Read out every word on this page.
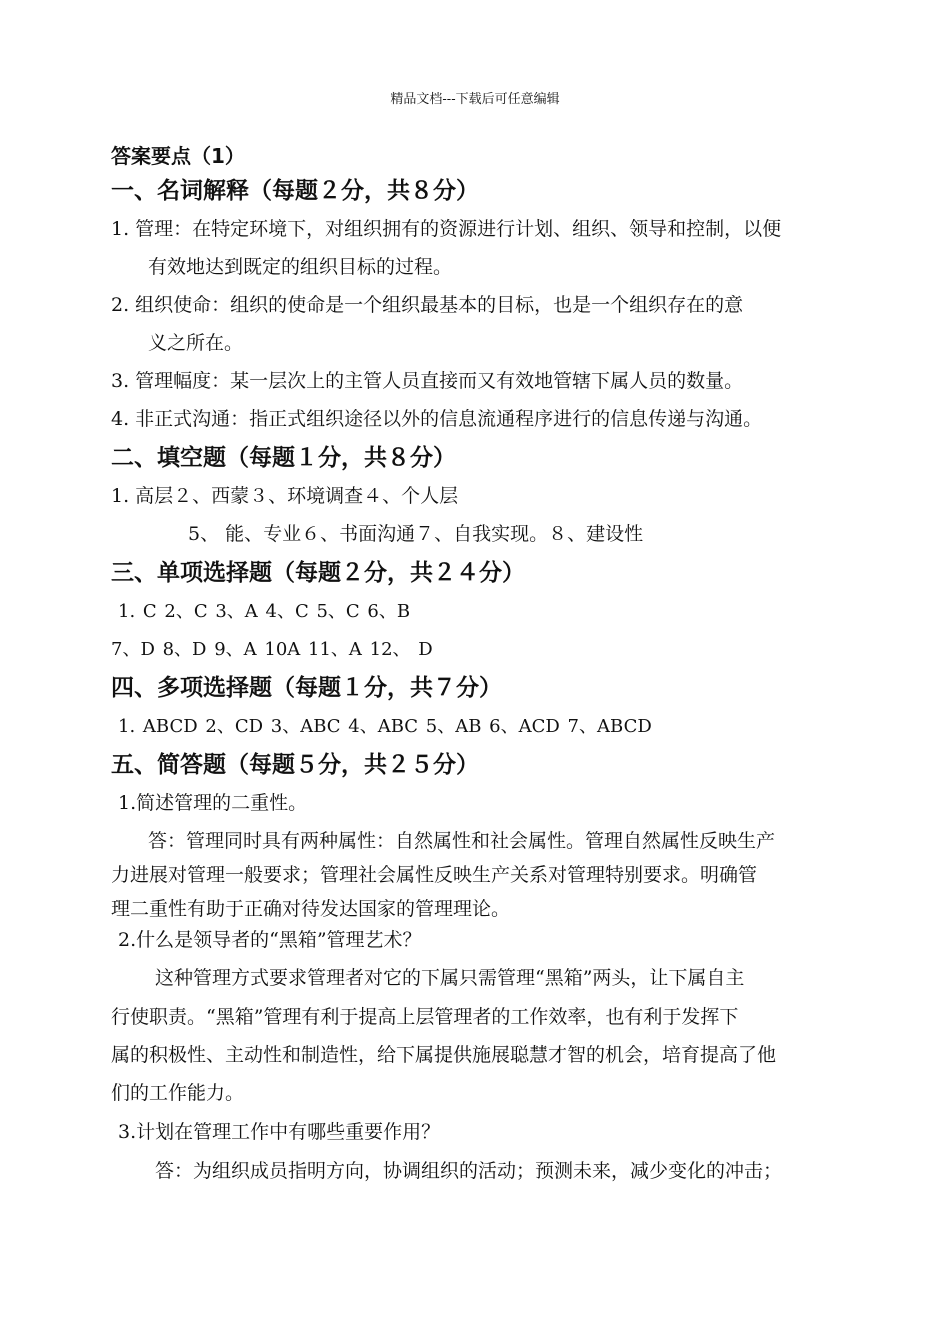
精品文档---下载后可任意编辑
答案要点（1）
一、名词解释（每题２分，共８分）
1. 管理：在特定环境下，对组织拥有的资源进行计划、组织、领导和控制，以便
有效地达到既定的组织目标的过程。
2. 组织使命：组织的使命是一个组织最基本的目标，也是一个组织存在的意
义之所在。
3. 管理幅度：某一层次上的主管人员直接而又有效地管辖下属人员的数量。
4. 非正式沟通：指正式组织途径以外的信息流通程序进行的信息传递与沟通。
二、填空题（每题１分，共８分）
1. 高层２、西蒙３、环境调查４、个人层
5、 能、专业６、书面沟通７、自我实现。８、建设性
三、单项选择题（每题２分，共２４分）
1. C 2、C 3、A 4、C 5、C 6、B
7、D 8、D 9、A 10A 11、A 12、 D
四、多项选择题（每题１分，共７分）
1. ABCD 2、CD 3、ABC 4、ABC 5、AB 6、ACD 7、ABCD
五、简答题（每题５分，共２５分）
1.简述管理的二重性。
答：管理同时具有两种属性：自然属性和社会属性。管理自然属性反映生产
力进展对管理一般要求；管理社会属性反映生产关系对管理特别要求。明确管
理二重性有助于正确对待发达国家的管理理论。
2.什么是领导者的“黑箱”管理艺术？
这种管理方式要求管理者对它的下属只需管理“黑箱”两头，让下属自主
行使职责。“黑箱”管理有利于提高上层管理者的工作效率，也有利于发挥下
属的积极性、主动性和制造性，给下属提供施展聪慧才智的机会，培育提高了他
们的工作能力。
3.计划在管理工作中有哪些重要作用？
答：为组织成员指明方向，协调组织的活动；预测未来，减少变化的冲击；
